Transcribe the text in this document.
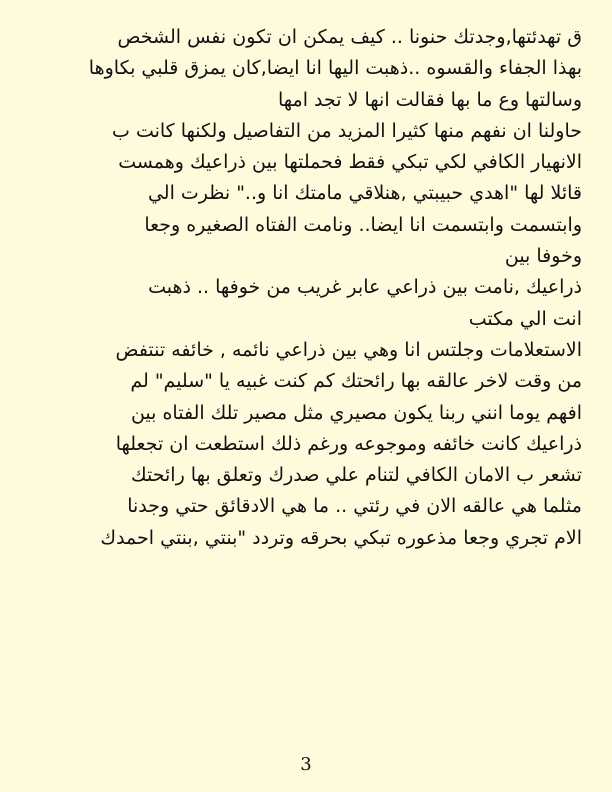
ق تهدئتها,وجدتك حنونا .. كيف يمكن ان تكون نفس الشخص
بهذا الجفاء والقسوه ..ذهبت اليها انا ايضا,كان يمزق قلبي بكاوها
وسالتها وع ما بها فقالت انها لا تجد امها
حاولنا ان نفهم منها كثيرا المزيد من التفاصيل ولكنها كانت ب
الانهيار الكافي لكي تبكي فقط فحملتها بين ذراعيك وهمست
قائلا لها "اهدي حبيبتي ,هنلاقي مامتك انا و.." نظرت الي
وابتسمت وابتسمت انا ايضا.. ونامت الفتاه الصغيره وجعا
وخوفا بين
ذراعيك ,نامت بين ذراعي عابر غريب من خوفها .. ذهبت
انت الي مكتب
الاستعلامات وجلتس انا وهي بين ذراعي نائمه , خائفه تنتفض
من وقت لاخر عالقه بها رائحتك كم كنت غبيه يا "سليم" لم
افهم يوما انني ربنا يكون مصيري مثل مصير تلك الفتاه بين
ذراعيك كانت خائفه وموجوعه ورغم ذلك استطعت ان تجعلها
تشعر ب الامان الكافي لتنام علي صدرك وتعلق بها رائحتك
مثلما هي عالقه الان في رئتي .. ما هي الادقائق حتي وجدنا
الام تجري وجعا مذعوره تبكي بحرقه وتردد "بنتي ,بنتي احمدك
3
